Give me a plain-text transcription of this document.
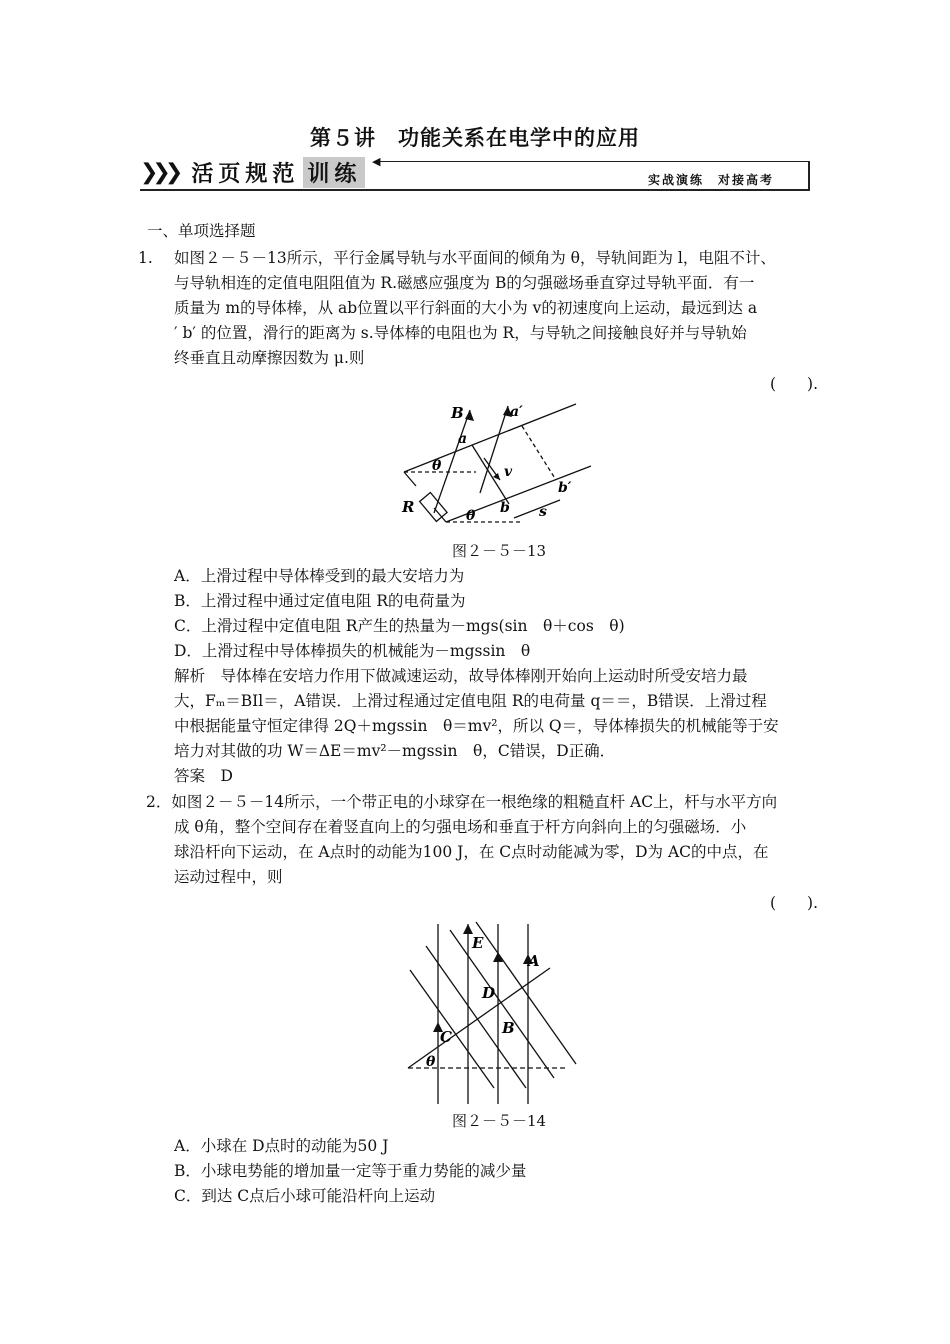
第５讲　功能关系在电学中的应用
❯❯❯ 活页规范 训练 ◀
实战演练　对接高考
一、单项选择题
1. 如图２－５－13所示，平行金属导轨与水平面间的倾角为 θ，导轨间距为 l，电阻不计、
与导轨相连的定值电阻阻值为 R.磁感应强度为 B的匀强磁场垂直穿过导轨平面．有一
质量为 m的导体棒，从 ab位置以平行斜面的大小为 v的初速度向上运动，最远到达 a
′ b′ 的位置，滑行的距离为 s.导体棒的电阻也为 R，与导轨之间接触良好并与导轨始
终垂直且动摩擦因数为 μ.则
(　　).
B
a
a′
v
θ
R	θ b
b′
s
图２－５－13
A．上滑过程中导体棒受到的最大安培力为
B．上滑过程中通过定值电阻 R的电荷量为
C．上滑过程中定值电阻 R产生的热量为－mgs(sin　θ＋cos　θ)
D．上滑过程中导体棒损失的机械能为－mgssin　θ
解析　导体棒在安培力作用下做减速运动，故导体棒刚开始向上运动时所受安培力最
大，Fₘ＝BIl＝，A错误．上滑过程通过定值电阻 R的电荷量 q＝＝，B错误．上滑过程
中根据能量守恒定律得 2Q＋mgssin　θ＝mv²，所以 Q＝，导体棒损失的机械能等于安
培力对其做的功 W＝ΔE＝mv²－mgssin　θ，C错误，D正确．
答案　D
2．如图２－５－14所示，一个带正电的小球穿在一根绝缘的粗糙直杆 AC上，杆与水平方向
成 θ角，整个空间存在着竖直向上的匀强电场和垂直于杆方向斜向上的匀强磁场．小
球沿杆向下运动，在 A点时的动能为100 J，在 C点时动能减为零，D为 AC的中点，在
运动过程中，则
(　　).
E
A
D
C	B
θ
图２－５－14
A．小球在 D点时的动能为50 J
B．小球电势能的增加量一定等于重力势能的减少量
C．到达 C点后小球可能沿杆向上运动
